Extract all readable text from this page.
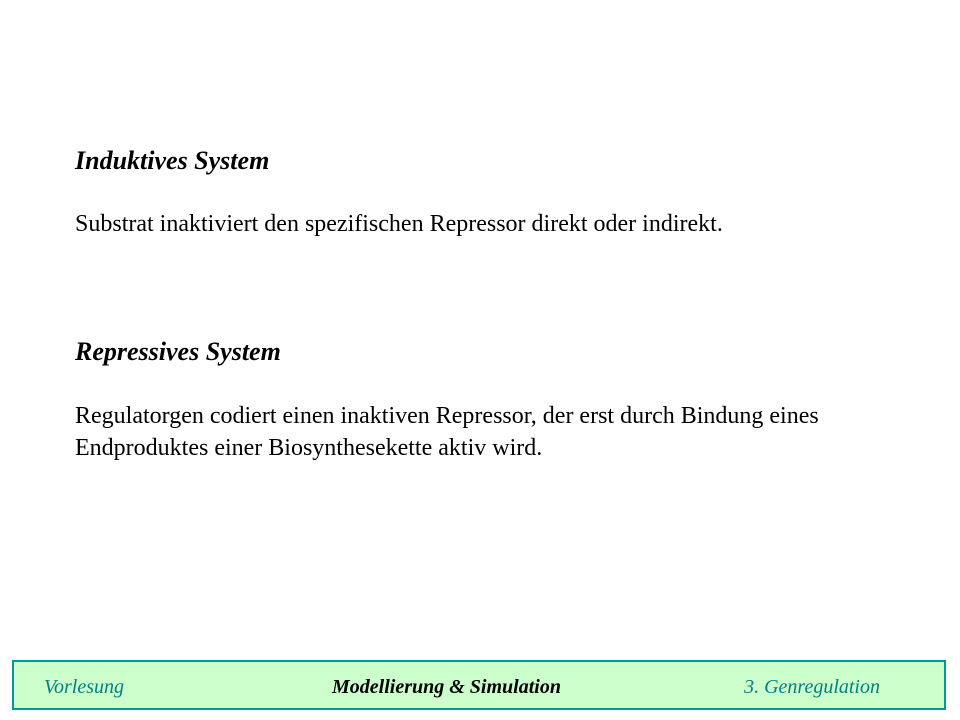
Induktives System

Substrat inaktiviert den spezifischen Repressor direkt oder indirekt.

Repressives System

Regulatorgen codiert einen inaktiven Repressor, der erst durch Bindung eines Endproduktes einer Biosynthesekette aktiv wird.

Vorlesung	Modellierung & Simulation	3. Genregulation
